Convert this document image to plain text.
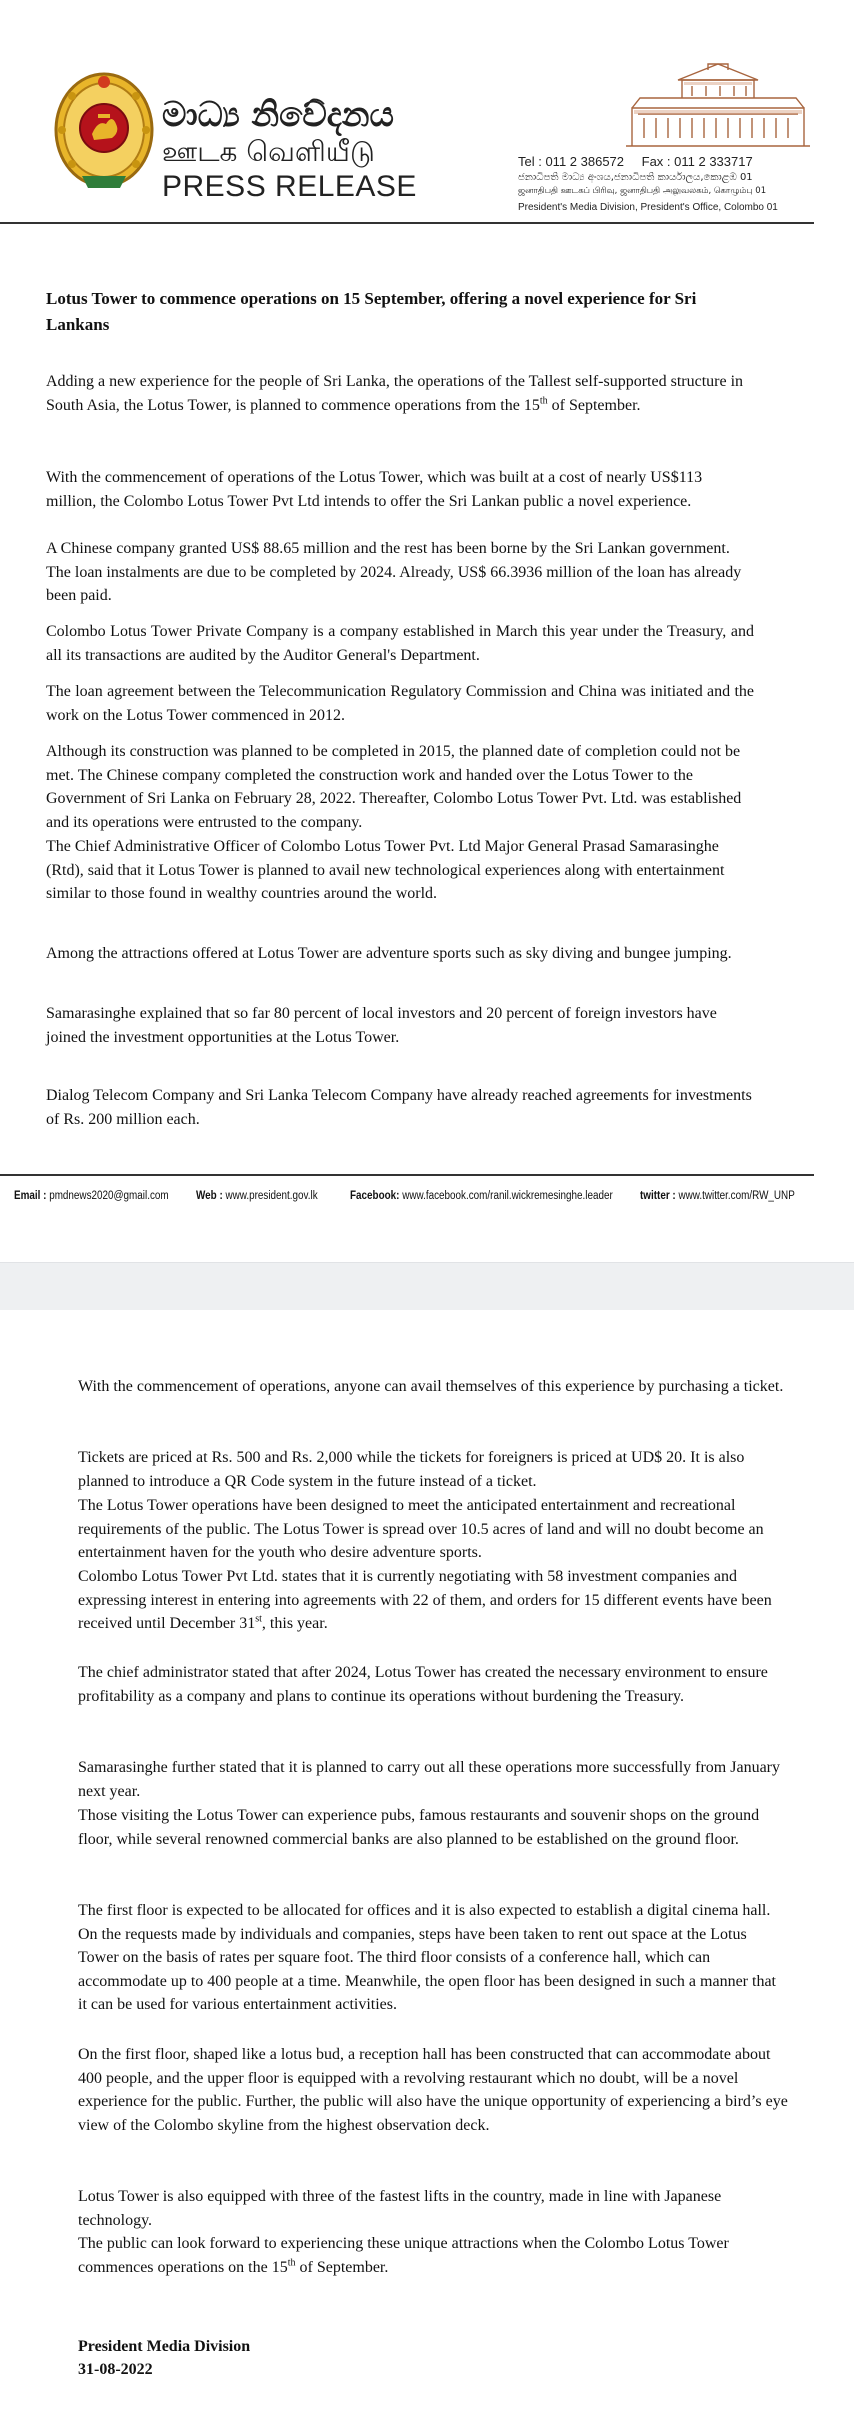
මාධ්‍ය නිවේදනය
ஊடக வெளியீடு
PRESS RELEASE
Tel : 011 2 386572 Fax : 011 2 333717
ජනාධිපති මාධ්‍ය අංශය,ජනාධිපති කාර්යාලය,කොළඹ 01
ஜனாதிபதி ஊடகப் பிரிவு, ஜனாதிபதி அலுவலகம், கொழும்பு 01
President's Media Division, President's Office, Colombo 01
Lotus Tower to commence operations on 15 September, offering a novel experience for Sri Lankans

Adding a new experience for the people of Sri Lanka, the operations of the Tallest self-supported structure in South Asia, the Lotus Tower, is planned to commence operations from the 15th of September.

With the commencement of operations of the Lotus Tower, which was built at a cost of nearly US$113 million, the Colombo Lotus Tower Pvt Ltd intends to offer the Sri Lankan public a novel experience.

A Chinese company granted US$ 88.65 million and the rest has been borne by the Sri Lankan government. The loan instalments are due to be completed by 2024. Already, US$ 66.3936 million of the loan has already been paid.

Colombo Lotus Tower Private Company is a company established in March this year under the Treasury, and all its transactions are audited by the Auditor General's Department.

The loan agreement between the Telecommunication Regulatory Commission and China was initiated and the work on the Lotus Tower commenced in 2012.

Although its construction was planned to be completed in 2015, the planned date of completion could not be met. The Chinese company completed the construction work and handed over the Lotus Tower to the Government of Sri Lanka on February 28, 2022. Thereafter, Colombo Lotus Tower Pvt. Ltd. was established and its operations were entrusted to the company.

The Chief Administrative Officer of Colombo Lotus Tower Pvt. Ltd Major General Prasad Samarasinghe (Rtd), said that it Lotus Tower is planned to avail new technological experiences along with entertainment similar to those found in wealthy countries around the world.

Among the attractions offered at Lotus Tower are adventure sports such as sky diving and bungee jumping.

Samarasinghe explained that so far 80 percent of local investors and 20 percent of foreign investors have joined the investment opportunities at the Lotus Tower.

Dialog Telecom Company and Sri Lanka Telecom Company have already reached agreements for investments of Rs. 200 million each.

Email : pmdnews2020@gmail.com Web : www.president.gov.lk	Facebook: www.facebook.com/ranil.wickremesinghe.leader twitter : www.twitter.com/RW_UNP

With the commencement of operations, anyone can avail themselves of this experience by purchasing a ticket.

Tickets are priced at Rs. 500 and Rs. 2,000 while the tickets for foreigners is priced at UD$ 20. It is also planned to introduce a QR Code system in the future instead of a ticket.

The Lotus Tower operations have been designed to meet the anticipated entertainment and recreational requirements of the public. The Lotus Tower is spread over 10.5 acres of land and will no doubt become an entertainment haven for the youth who desire adventure sports.

Colombo Lotus Tower Pvt Ltd. states that it is currently negotiating with 58 investment companies and expressing interest in entering into agreements with 22 of them, and orders for 15 different events have been received until December 31st, this year.

The chief administrator stated that after 2024, Lotus Tower has created the necessary environment to ensure profitability as a company and plans to continue its operations without burdening the Treasury.

Samarasinghe further stated that it is planned to carry out all these operations more successfully from January next year.

Those visiting the Lotus Tower can experience pubs, famous restaurants and souvenir shops on the ground floor, while several renowned commercial banks are also planned to be established on the ground floor.

The first floor is expected to be allocated for offices and it is also expected to establish a digital cinema hall. On the requests made by individuals and companies, steps have been taken to rent out space at the Lotus Tower on the basis of rates per square foot. The third floor consists of a conference hall, which can accommodate up to 400 people at a time. Meanwhile, the open floor has been designed in such a manner that it can be used for various entertainment activities.

On the first floor, shaped like a lotus bud, a reception hall has been constructed that can accommodate about 400 people, and the upper floor is equipped with a revolving restaurant which no doubt, will be a novel experience for the public. Further, the public will also have the unique opportunity of experiencing a bird’s eye view of the Colombo skyline from the highest observation deck.

Lotus Tower is also equipped with three of the fastest lifts in the country, made in line with Japanese technology.

The public can look forward to experiencing these unique attractions when the Colombo Lotus Tower commences operations on the 15th of September.

President Media Division
31-08-2022
